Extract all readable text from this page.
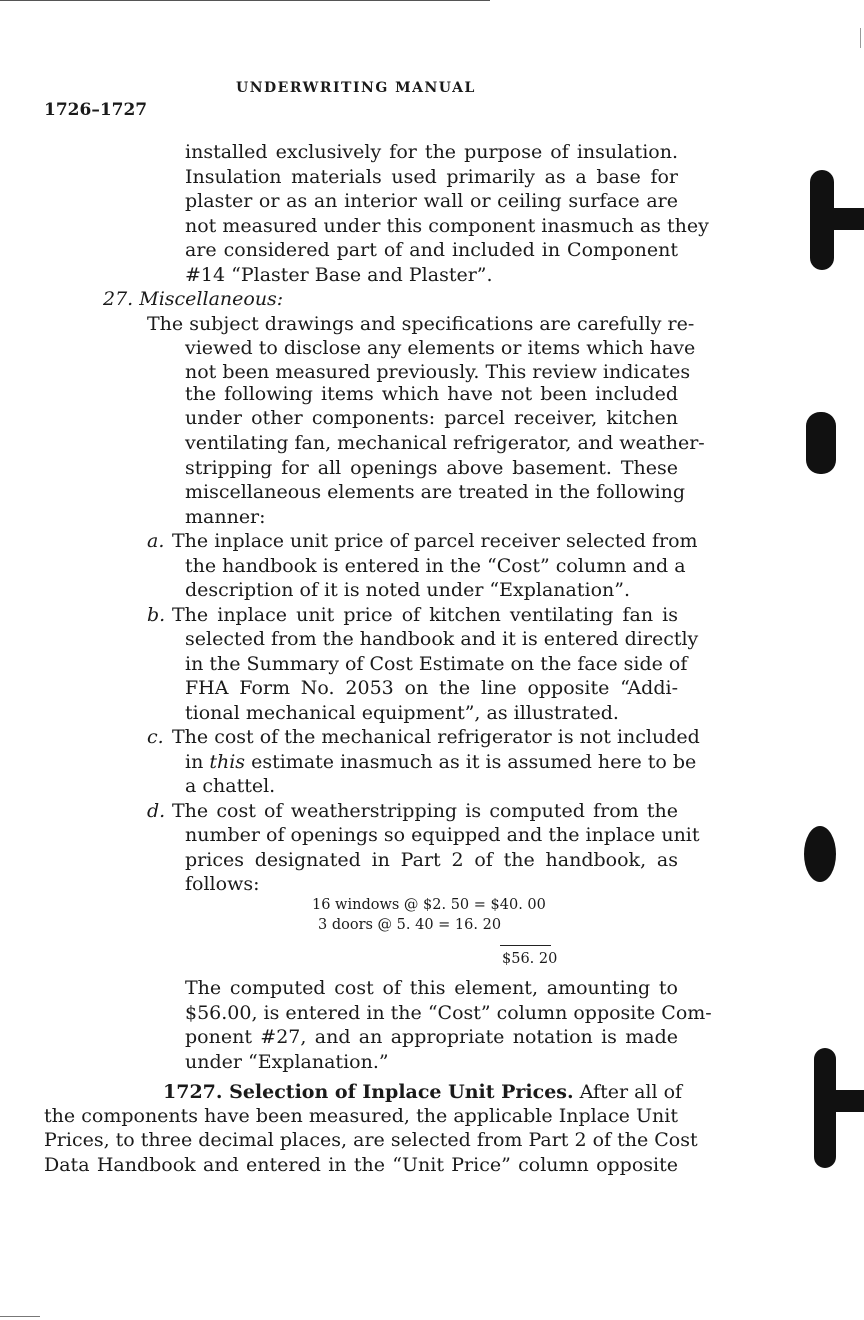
UNDERWRITING MANUAL
1726–1727
installed exclusively for the purpose of insulation.
Insulation materials used primarily as a base for
plaster or as an interior wall or ceiling surface are
not measured under this component inasmuch as they
are considered part of and included in Component
#14 “Plaster Base and Plaster”.
27. Miscellaneous:
The subject drawings and specifications are carefully re-
viewed to disclose any elements or items which have
not been measured previously. This review indicates
the following items which have not been included
under other components: parcel receiver, kitchen
ventilating fan, mechanical refrigerator, and weather-
stripping for all openings above basement. These
miscellaneous elements are treated in the following
manner:
a. The inplace unit price of parcel receiver selected from
the handbook is entered in the “Cost” column and a
description of it is noted under “Explanation”.
b. The inplace unit price of kitchen ventilating fan is
selected from the handbook and it is entered directly
in the Summary of Cost Estimate on the face side of
FHA Form No. 2053 on the line opposite “Addi-
tional mechanical equipment”, as illustrated.
c. The cost of the mechanical refrigerator is not included
in this estimate inasmuch as it is assumed here to be
a chattel.
d. The cost of weatherstripping is computed from the
number of openings so equipped and the inplace unit
prices designated in Part 2 of the handbook, as
follows:
16 windows @ $2. 50 = $40. 00
3 doors @ 5. 40 = 16. 20
$56. 20
The computed cost of this element, amounting to
$56.00, is entered in the “Cost” column opposite Com-
ponent #27, and an appropriate notation is made
under “Explanation.”
1727. Selection of Inplace Unit Prices. After all of
the components have been measured, the applicable Inplace Unit
Prices, to three decimal places, are selected from Part 2 of the Cost
Data Handbook and entered in the “Unit Price” column opposite
